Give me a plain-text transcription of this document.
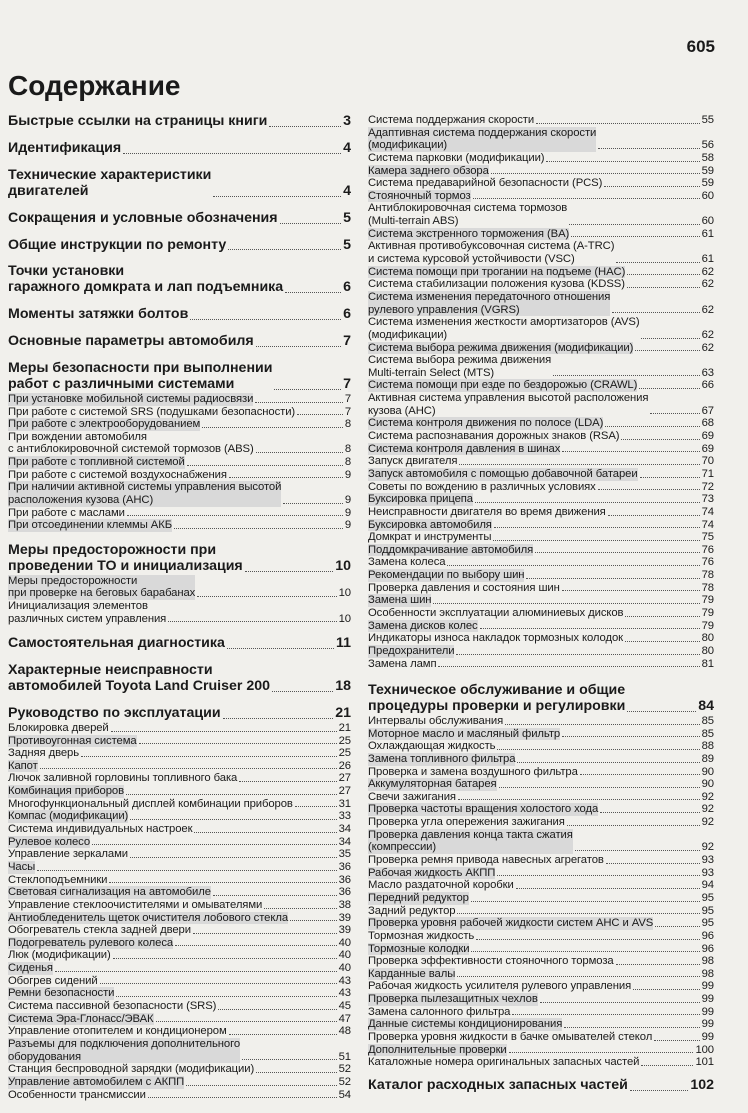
605
Содержание
Быстрые ссылки на страницы книги	3
Идентификация	4
Технические характеристики
двигателей	4
Сокращения и условные обозначения	5
Общие инструкции по ремонту	5
Точки установки
гаражного домкрата и лап подъемника	6
Моменты затяжки болтов	6
Основные параметры автомобиля	7
Меры безопасности при выполнении
работ с различными системами	7
При установке мобильной системы радиосвязи	7
При работе с системой SRS (подушками безопасности)	7
При работе с электрооборудованием	8
При вождении автомобиля
с антиблокировочной системой тормозов (ABS)	8
При работе с топливной системой	8
При работе с системой воздухоснабжения	9
При наличии активной системы управления высотой
расположения кузова (AHC)	9
При работе с маслами	9
При отсоединении клеммы АКБ	9
Меры предосторожности при
проведении ТО и инициализация	10
Меры предосторожности
при проверке на беговых барабанах	10
Инициализация элементов
различных систем управления	10
Самостоятельная диагностика	11
Характерные неисправности
автомобилей Toyota Land Cruiser 200	18
Руководство по эксплуатации	21
Блокировка дверей	21
Противоугонная система	25
Задняя дверь	25
Капот	26
Лючок заливной горловины топливного бака	27
Комбинация приборов	27
Многофункциональный дисплей комбинации приборов	31
Компас (модификации)	33
Система индивидуальных настроек	34
Рулевое колесо	34
Управление зеркалами	35
Часы	36
Стеклоподъемники	36
Световая сигнализация на автомобиле	36
Управление стеклоочистителями и омывателями	38
Антиобледенитель щеток очистителя лобового стекла	39
Обогреватель стекла задней двери	39
Подогреватель рулевого колеса	40
Люк (модификации)	40
Сиденья	40
Обогрев сидений	43
Ремни безопасности	43
Система пассивной безопасности (SRS)	45
Система Эра-Глонасс/ЭВАК	47
Управление отопителем и кондиционером	48
Разъемы для подключения дополнительного
оборудования	51
Станция беспроводной зарядки (модификации)	52
Управление автомобилем с АКПП	52
Особенности трансмиссии	54
Система поддержания скорости	55
Адаптивная система поддержания скорости
(модификации)	56
Система парковки (модификации)	58
Камера заднего обзора	59
Система предаварийной безопасности (PCS)	59
Стояночный тормоз	60
Антиблокировочная система тормозов
(Multi-terrain ABS)	60
Система экстренного торможения (BA)	61
Активная противобуксовочная система (A-TRC)
и система курсовой устойчивости (VSC)	61
Система помощи при трогании на подъеме (HAC)	62
Система стабилизации положения кузова (KDSS)	62
Система изменения передаточного отношения
рулевого управления (VGRS)	62
Система изменения жесткости амортизаторов (AVS)
(модификации)	62
Система выбора режима движения (модификации)	62
Система выбора режима движения
Multi-terrain Select (MTS)	63
Система помощи при езде по бездорожью (CRAWL)	66
Активная система управления высотой расположения
кузова (AHC)	67
Система контроля движения по полосе (LDA)	68
Система распознавания дорожных знаков (RSA)	69
Система контроля давления в шинах	69
Запуск двигателя	70
Запуск автомобиля с помощью добавочной батареи	71
Советы по вождению в различных условиях	72
Буксировка прицепа	73
Неисправности двигателя во время движения	74
Буксировка автомобиля	74
Домкрат и инструменты	75
Поддомкрачивание автомобиля	76
Замена колеса	76
Рекомендации по выбору шин	78
Проверка давления и состояния шин	78
Замена шин	79
Особенности эксплуатации алюминиевых дисков	79
Замена дисков колес	79
Индикаторы износа накладок тормозных колодок	80
Предохранители	80
Замена ламп	81
Техническое обслуживание и общие
процедуры проверки и регулировки	84
Интервалы обслуживания	85
Моторное масло и масляный фильтр	85
Охлаждающая жидкость	88
Замена топливного фильтра	89
Проверка и замена воздушного фильтра	90
Аккумуляторная батарея	90
Свечи зажигания	92
Проверка частоты вращения холостого хода	92
Проверка угла опережения зажигания	92
Проверка давления конца такта сжатия
(компрессии)	92
Проверка ремня привода навесных агрегатов	93
Рабочая жидкость АКПП	93
Масло раздаточной коробки	94
Передний редуктор	95
Задний редуктор	95
Проверка уровня рабочей жидкости систем AHC и AVS	95
Тормозная жидкость	96
Тормозные колодки	96
Проверка эффективности стояночного тормоза	98
Карданные валы	98
Рабочая жидкость усилителя рулевого управления	99
Проверка пылезащитных чехлов	99
Замена салонного фильтра	99
Данные системы кондиционирования	99
Проверка уровня жидкости в бачке омывателей стекол	99
Дополнительные проверки	100
Каталожные номера оригинальных запасных частей	101
Каталог расходных запасных частей	102
